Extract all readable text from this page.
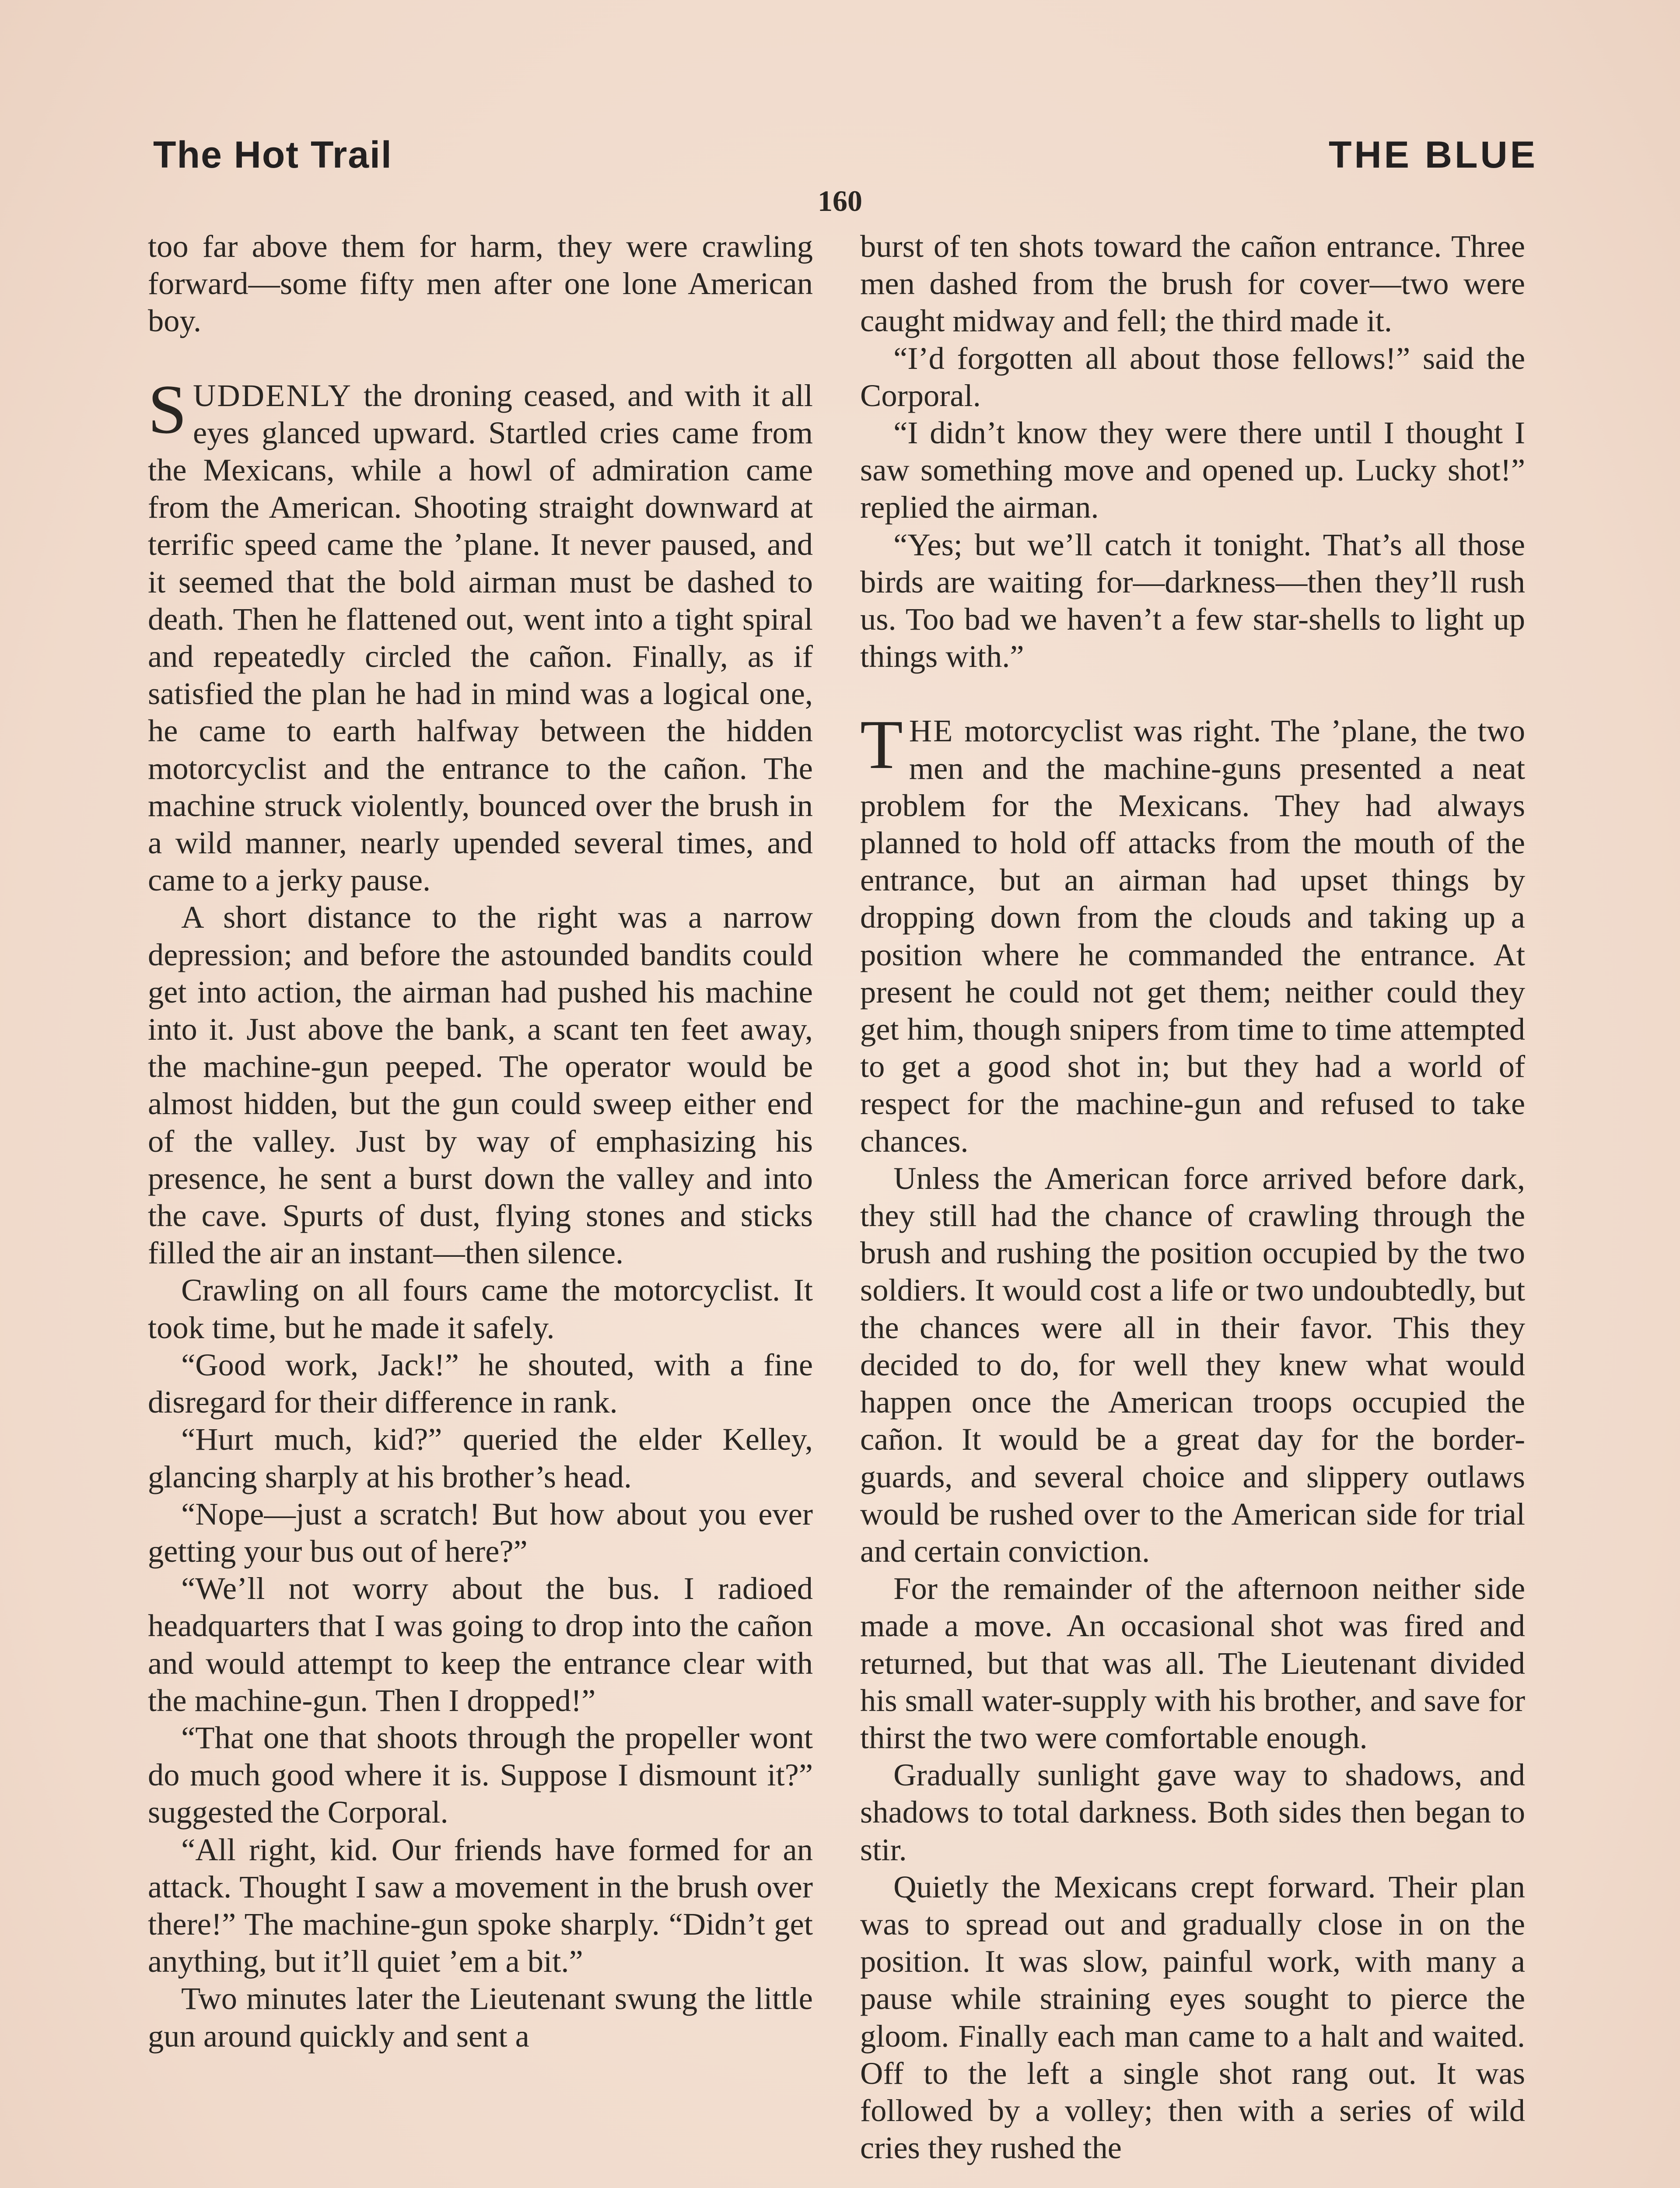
The Hot Trail	THE BLUE
160

too far above them for harm, they were crawling forward—some fifty men after one lone American boy.

SUDDENLY the droning ceased, and with it all eyes glanced upward. Startled cries came from the Mexicans, while a howl of admiration came from the American. Shooting straight downward at terrific speed came the ’plane. It never paused, and it seemed that the bold airman must be dashed to death. Then he flattened out, went into a tight spiral and repeatedly circled the cañon. Finally, as if satisfied the plan he had in mind was a logical one, he came to earth halfway between the hidden motorcyclist and the entrance to the cañon. The machine struck violently, bounced over the brush in a wild manner, nearly upended several times, and came to a jerky pause.

A short distance to the right was a narrow depression; and before the astounded bandits could get into action, the airman had pushed his machine into it. Just above the bank, a scant ten feet away, the machine-gun peeped. The operator would be almost hidden, but the gun could sweep either end of the valley. Just by way of emphasizing his presence, he sent a burst down the valley and into the cave. Spurts of dust, flying stones and sticks filled the air an instant—then silence.

Crawling on all fours came the motorcyclist. It took time, but he made it safely.

“Good work, Jack!” he shouted, with a fine disregard for their difference in rank.

“Hurt much, kid?” queried the elder Kelley, glancing sharply at his brother’s head.

“Nope—just a scratch! But how about you ever getting your bus out of here?”

“We’ll not worry about the bus. I radioed headquarters that I was going to drop into the cañon and would attempt to keep the entrance clear with the machine-gun. Then I dropped!”

“That one that shoots through the propeller wont do much good where it is. Suppose I dismount it?” suggested the Corporal.

“All right, kid. Our friends have formed for an attack. Thought I saw a movement in the brush over there!” The machine-gun spoke sharply. “Didn’t get anything, but it’ll quiet ’em a bit.”

Two minutes later the Lieutenant swung the little gun around quickly and sent a

burst of ten shots toward the cañon entrance. Three men dashed from the brush for cover—two were caught midway and fell; the third made it.

“I’d forgotten all about those fellows!” said the Corporal.

“I didn’t know they were there until I thought I saw something move and opened up. Lucky shot!” replied the airman.

“Yes; but we’ll catch it tonight. That’s all those birds are waiting for—darkness—then they’ll rush us. Too bad we haven’t a few star-shells to light up things with.”

THE motorcyclist was right. The ’plane, the two men and the machine-guns presented a neat problem for the Mexicans. They had always planned to hold off attacks from the mouth of the entrance, but an airman had upset things by dropping down from the clouds and taking up a position where he commanded the entrance. At present he could not get them; neither could they get him, though snipers from time to time attempted to get a good shot in; but they had a world of respect for the machine-gun and refused to take chances.

Unless the American force arrived before dark, they still had the chance of crawling through the brush and rushing the position occupied by the two soldiers. It would cost a life or two undoubtedly, but the chances were all in their favor. This they decided to do, for well they knew what would happen once the American troops occupied the cañon. It would be a great day for the border-guards, and several choice and slippery outlaws would be rushed over to the American side for trial and certain conviction.

For the remainder of the afternoon neither side made a move. An occasional shot was fired and returned, but that was all. The Lieutenant divided his small water-supply with his brother, and save for thirst the two were comfortable enough.

Gradually sunlight gave way to shadows, and shadows to total darkness. Both sides then began to stir.

Quietly the Mexicans crept forward. Their plan was to spread out and gradually close in on the position. It was slow, painful work, with many a pause while straining eyes sought to pierce the gloom. Finally each man came to a halt and waited. Off to the left a single shot rang out. It was followed by a volley; then with a series of wild cries they rushed the
